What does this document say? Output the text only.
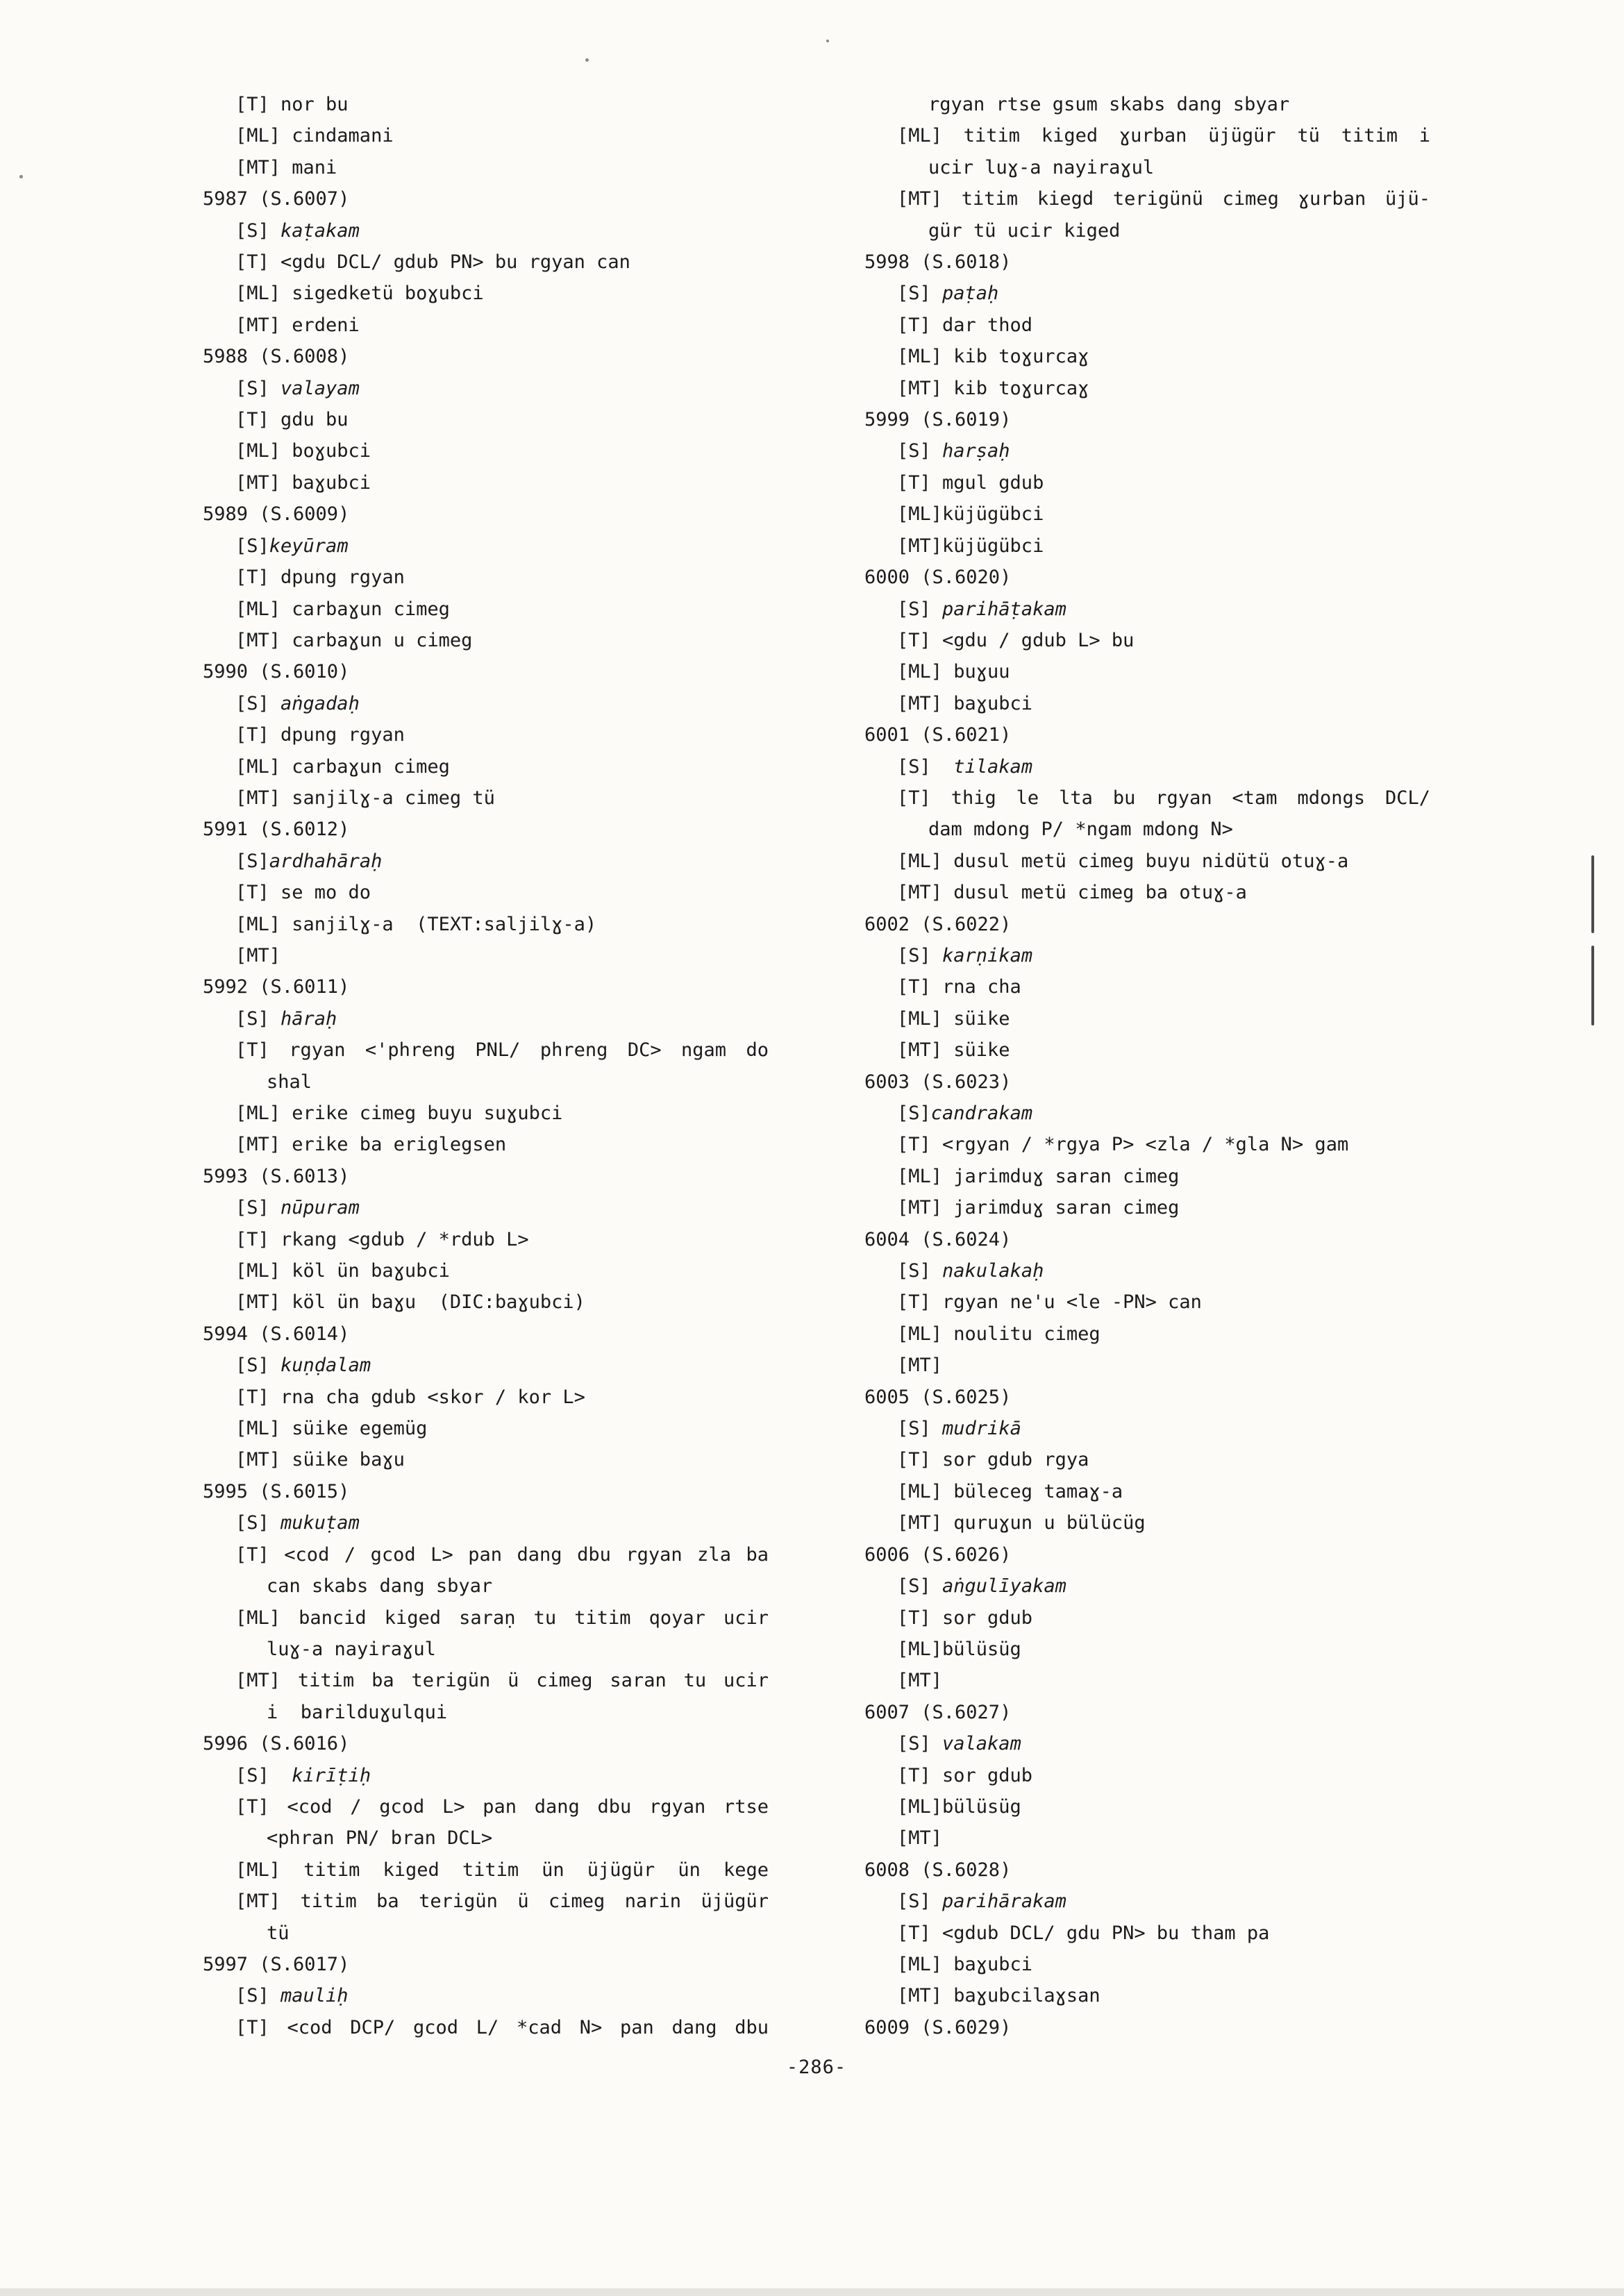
[T] nor bu
[ML] cindamani
[MT] mani
5987 (S.6007)
[S] kaṭakam
[T] <gdu DCL/ gdub PN> bu rgyan can
[ML] sigedketü boɣubci
[MT] erdeni
5988 (S.6008)
[S] valayam
[T] gdu bu
[ML] boɣubci
[MT] baɣubci
5989 (S.6009)
[S]keyūram
[T] dpung rgyan
[ML] carbaɣun cimeg
[MT] carbaɣun u cimeg
5990 (S.6010)
[S] aṅgadaḥ
[T] dpung rgyan
[ML] carbaɣun cimeg
[MT] sanjilɣ-a cimeg tü
5991 (S.6012)
[S]ardhahāraḥ
[T] se mo do
[ML] sanjilɣ-a  (TEXT:saljilɣ-a)
[MT]
5992 (S.6011)
[S] hāraḥ
[T] rgyan <'phreng PNL/ phreng DC> ngam do
shal
[ML] erike cimeg buyu suɣubci
[MT] erike ba eriglegsen
5993 (S.6013)
[S] nūpuram
[T] rkang <gdub / *rdub L>
[ML] köl ün baɣubci
[MT] köl ün baɣu  (DIC:baɣubci)
5994 (S.6014)
[S] kuṇḍalam
[T] rna cha gdub <skor / kor L>
[ML] süike egemüg
[MT] süike baɣu
5995 (S.6015)
[S] mukuṭam
[T] <cod / gcod L> pan dang dbu rgyan zla ba
can skabs dang sbyar
[ML] bancid kiged saraṇ tu titim qoyar ucir
luɣ-a nayiraɣul
[MT] titim ba terigün ü cimeg saran tu ucir
i  barilduɣulqui
5996 (S.6016)
[S]  kirīṭiḥ
[T] <cod / gcod L> pan dang dbu rgyan rtse
<phran PN/ bran DCL>
[ML] titim kiged titim ün üjügür ün kege
[MT] titim ba terigün ü cimeg narin üjügür
tü
5997 (S.6017)
[S] mauliḥ
[T] <cod DCP/ gcod L/ *cad N> pan dang dbu
rgyan rtse gsum skabs dang sbyar
[ML] titim kiged ɣurban üjügür tü titim i
ucir luɣ-a nayiraɣul
[MT] titim kiegd terigünü cimeg ɣurban üjü-
gür tü ucir kiged
5998 (S.6018)
[S] paṭaḥ
[T] dar thod
[ML] kib toɣurcaɣ
[MT] kib toɣurcaɣ
5999 (S.6019)
[S] harṣaḥ
[T] mgul gdub
[ML]küjügübci
[MT]küjügübci
6000 (S.6020)
[S] parihāṭakam
[T] <gdu / gdub L> bu
[ML] buɣuu
[MT] baɣubci
6001 (S.6021)
[S]  tilakam
[T] thig le lta bu rgyan <tam mdongs DCL/
dam mdong P/ *ngam mdong N>
[ML] dusul metü cimeg buyu nidütü otuɣ-a
[MT] dusul metü cimeg ba otuɣ-a
6002 (S.6022)
[S] karṇikam
[T] rna cha
[ML] süike
[MT] süike
6003 (S.6023)
[S]candrakam
[T] <rgyan / *rgya P> <zla / *gla N> gam
[ML] jarimduɣ saran cimeg
[MT] jarimduɣ saran cimeg
6004 (S.6024)
[S] nakulakaḥ
[T] rgyan ne'u <le -PN> can
[ML] noulitu cimeg
[MT]
6005 (S.6025)
[S] mudrikā
[T] sor gdub rgya
[ML] büleceg tamaɣ-a
[MT] quruɣun u bülücüg
6006 (S.6026)
[S] aṅgulīyakam
[T] sor gdub
[ML]bülüsüg
[MT]
6007 (S.6027)
[S] valakam
[T] sor gdub
[ML]bülüsüg
[MT]
6008 (S.6028)
[S] parihārakam
[T] <gdub DCL/ gdu PN> bu tham pa
[ML] baɣubci
[MT] baɣubcilaɣsan
6009 (S.6029)
-286-
